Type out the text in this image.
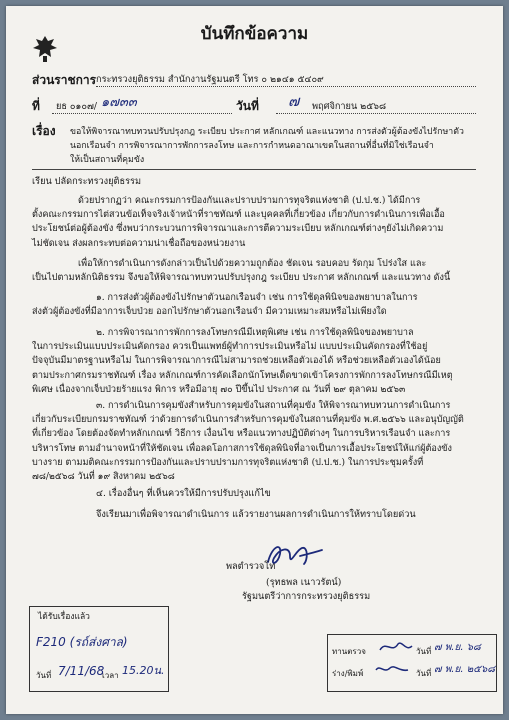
บันทึกข้อความ
ส่วนราชการ กระทรวงยุติธรรม สำนักงานรัฐมนตรี โทร ๐ ๒๑๔๑ ๕๔๐๙
ที่ ยธ ๐๑๐๗/ ๑๗๓๓	วันที่ ๗ พฤศจิกายน ๒๕๖๘
เรื่อง ขอให้พิจารณาทบทวนปรับปรุงกฎ ระเบียบ ประกาศ หลักเกณฑ์ และแนวทาง การส่งตัวผู้ต้องขังไปรักษาตัว
นอกเรือนจำ การพิจารณาการพักการลงโทษ และการกำหนดอาณาเขตในสถานที่อื่นที่มิใช่เรือนจำ
ให้เป็นสถานที่คุมขัง
เรียน ปลัดกระทรวงยุติธรรม

ด้วยปรากฏว่า คณะกรรมการป้องกันและปราบปรามการทุจริตแห่งชาติ (ป.ป.ช.) ได้มีการ

ตั้งคณะกรรมการไต่สวนข้อเท็จจริงเจ้าหน้าที่ราชทัณฑ์ และบุคคลที่เกี่ยวข้อง เกี่ยวกับการดำเนินการเพื่อเอื้อ

ประโยชน์ต่อผู้ต้องขัง ซึ่งพบว่ากระบวนการพิจารณาและการตีความระเบียบ หลักเกณฑ์ต่างๆยังไม่เกิดความ

ไม่ชัดเจน ส่งผลกระทบต่อความน่าเชื่อถือของหน่วยงาน

เพื่อให้การดำเนินการดังกล่าวเป็นไปด้วยความถูกต้อง ชัดเจน รอบคอบ รัดกุม โปร่งใส และ

เป็นไปตามหลักนิติธรรม จึงขอให้พิจารณาทบทวนปรับปรุงกฎ ระเบียบ ประกาศ หลักเกณฑ์ และแนวทาง ดังนี้

๑. การส่งตัวผู้ต้องขังไปรักษาตัวนอกเรือนจำ เช่น การใช้ดุลพินิจของพยาบาลในการ

ส่งตัวผู้ต้องขังที่มีอาการเจ็บป่วย ออกไปรักษาตัวนอกเรือนจำ มีความเหมาะสมหรือไม่เพียงใด

๒. การพิจารณาการพักการลงโทษกรณีมีเหตุพิเศษ เช่น การใช้ดุลพินิจของพยาบาล

ในการประเมินแบบประเมินคัดกรอง ควรเป็นแพทย์ผู้ทำการประเมินหรือไม่ แบบประเมินคัดกรองที่ใช้อยู่

ปัจจุบันมีมาตรฐานหรือไม่ ในการพิจารณาการณีไม่สามารถช่วยเหลือตัวเองได้ หรือช่วยเหลือตัวเองได้น้อย

ตามประกาศกรมราชทัณฑ์ เรื่อง หลักเกณฑ์การคัดเลือกนักโทษเด็ดขาดเข้าโครงการพักการลงโทษกรณีมีเหตุ

พิเศษ เนื่องจากเจ็บป่วยร้ายแรง พิการ หรือมีอายุ ๗๐ ปีขึ้นไป ประกาศ ณ วันที่ ๒๙ ตุลาคม ๒๕๖๓

๓. การดำเนินการคุมขังสำหรับการคุมขังในสถานที่คุมขัง ให้พิจารณาทบทวนการดำเนินการ

เกี่ยวกับระเบียบกรมราชทัณฑ์ ว่าด้วยการดำเนินการสำหรับการคุมขังในสถานที่คุมขัง พ.ศ.๒๕๖๖ และอนุบัญญัติ

ที่เกี่ยวข้อง โดยต้องจัดทำหลักเกณฑ์ วิธีการ เงื่อนไข หรือแนวทางปฏิบัติต่างๆ ในการบริหารเรือนจำ และการ

บริหารโทษ ตามอำนาจหน้าที่ให้ชัดเจน เพื่อลดโอกาสการใช้ดุลพินิจที่อาจเป็นการเอื้อประโยชน์ให้แก่ผู้ต้องขัง

บางราย ตามมติคณะกรรมการป้องกันและปราบปรามการทุจริตแห่งชาติ (ป.ป.ช.) ในการประชุมครั้งที่

๗๘/๒๕๖๘ วันที่ ๑๙ สิงหาคม ๒๕๖๘

๔. เรื่องอื่นๆ ที่เห็นควรให้มีการปรับปรุงแก้ไข
จึงเรียนมาเพื่อพิจารณาดำเนินการ แล้วรายงานผลการดำเนินการให้ทราบโดยด่วน
พลตำรวจโท
(รุทธพล เนาวรัตน์)
รัฐมนตรีว่าการกระทรวงยุติธรรม
ได้รับเรื่องแล้ว
F210 (รถ์ส่งศาล)
วันที่ 7/11/68
เวลา 15.20น.
ทานตรวจ	วันที่ ๗ พ.ย. ๖๘
ร่าง/พิมพ์	วันที่ ๗ พ.ย. ๒๕๖๘
